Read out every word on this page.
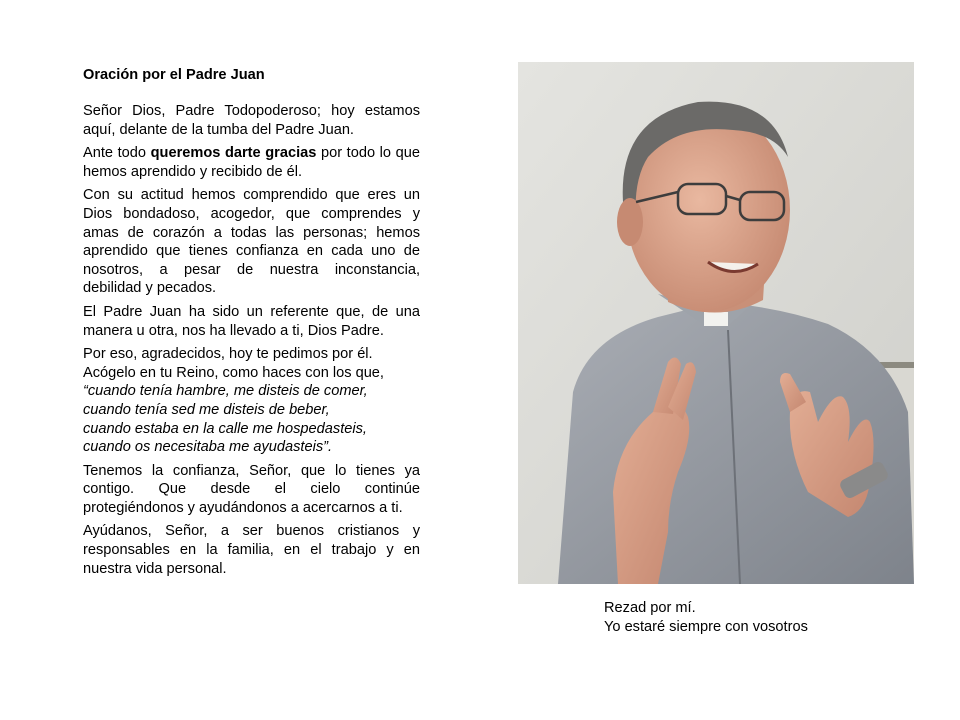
Oración por el Padre Juan

Señor Dios, Padre Todopoderoso; hoy estamos aquí, delante de la tumba del Padre Juan.

Ante todo queremos darte gracias por todo lo que hemos aprendido y recibido de él.

Con su actitud hemos comprendido que eres un Dios bondadoso, acogedor, que comprendes y amas de corazón a todas las personas; hemos aprendido que tienes confianza en cada uno de nosotros, a pesar de nuestra inconstancia, debilidad y pecados.

El Padre Juan ha sido un referente que, de una manera u otra, nos ha llevado a ti, Dios Padre.

Por eso, agradecidos, hoy te pedimos por él.
Acógelo en tu Reino, como haces con los que,
“cuando tenía hambre, me disteis de comer,
cuando tenía sed me disteis de beber,
cuando estaba en la calle me hospedasteis,
cuando os necesitaba me ayudasteis”.

Tenemos la confianza, Señor, que lo tienes ya contigo. Que desde el cielo continúe protegiéndonos y ayudándonos a acercarnos a ti.

Ayúdanos, Señor, a ser buenos cristianos y responsables en la familia, en el trabajo y en nuestra vida personal.

Rezad por mí.
Yo estaré siempre con vosotros
